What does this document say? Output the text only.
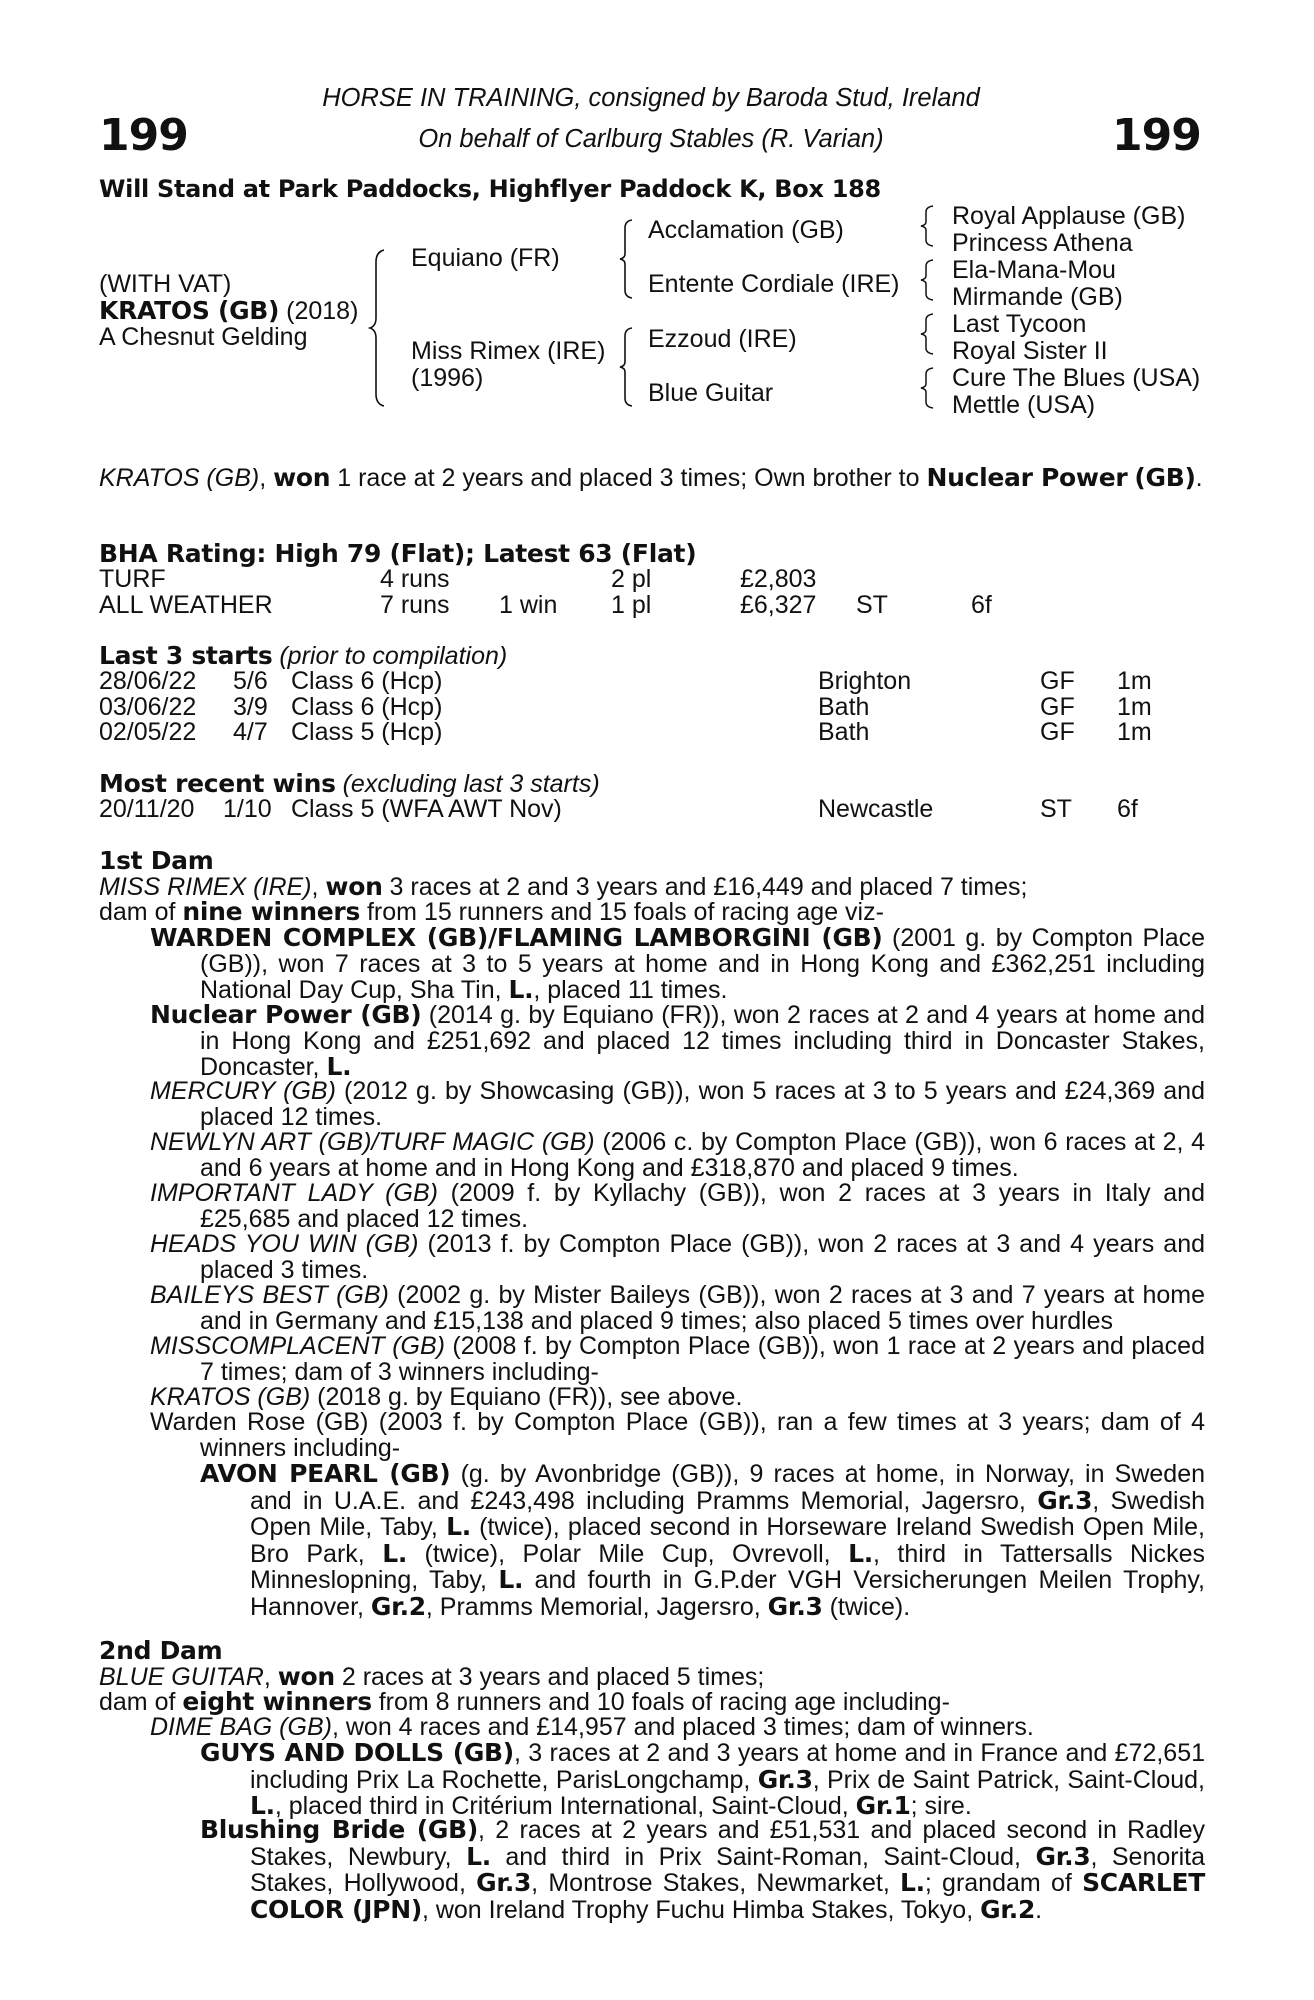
199	199
HORSE IN TRAINING, consigned by Baroda Stud, Ireland
On behalf of Carlburg Stables (R. Varian)
Will Stand at Park Paddocks, Highflyer Paddock K, Box 188
(WITH VAT)
KRATOS (GB) (2018)
A Chesnut Gelding
Equiano (FR)
Miss Rimex (IRE)
(1996)
Acclamation (GB)
Entente Cordiale (IRE)
Ezzoud (IRE)
Blue Guitar
Royal Applause (GB)
Princess Athena
Ela-Mana-Mou
Mirmande (GB)
Last Tycoon
Royal Sister II
Cure The Blues (USA)
Mettle (USA)
KRATOS (GB), won 1 race at 2 years and placed 3 times; Own brother to Nuclear Power (GB).
BHA Rating: High 79 (Flat); Latest 63 (Flat)
TURF	4 runs	2 pl	£2,803
ALL WEATHER	7 runs 1 win 1 pl	£6,327 ST	6f
Last 3 starts (prior to compilation)
28/06/22 5/6 Class 6 (Hcp)	Brighton	GF 1m
03/06/22 3/9 Class 6 (Hcp)	Bath	GF 1m
02/05/22 4/7 Class 5 (Hcp)	Bath	GF 1m
Most recent wins (excluding last 3 starts)
20/11/20 1/10 Class 5 (WFA AWT Nov)	Newcastle	ST 6f
1st Dam
MISS RIMEX (IRE), won 3 races at 2 and 3 years and £16,449 and placed 7 times;
dam of nine winners from 15 runners and 15 foals of racing age viz-
WARDEN COMPLEX (GB)/FLAMING LAMBORGINI (GB) (2001 g. by Compton Place (GB)), won 7 races at 3 to 5 years at home and in Hong Kong and £362,251 including National Day Cup, Sha Tin, L., placed 11 times.
Nuclear Power (GB) (2014 g. by Equiano (FR)), won 2 races at 2 and 4 years at home and in Hong Kong and £251,692 and placed 12 times including third in Doncaster Stakes, Doncaster, L.
MERCURY (GB) (2012 g. by Showcasing (GB)), won 5 races at 3 to 5 years and £24,369 and placed 12 times.
NEWLYN ART (GB)/TURF MAGIC (GB) (2006 c. by Compton Place (GB)), won 6 races at 2, 4 and 6 years at home and in Hong Kong and £318,870 and placed 9 times.
IMPORTANT LADY (GB) (2009 f. by Kyllachy (GB)), won 2 races at 3 years in Italy and £25,685 and placed 12 times.
HEADS YOU WIN (GB) (2013 f. by Compton Place (GB)), won 2 races at 3 and 4 years and placed 3 times.
BAILEYS BEST (GB) (2002 g. by Mister Baileys (GB)), won 2 races at 3 and 7 years at home and in Germany and £15,138 and placed 9 times; also placed 5 times over hurdles
MISSCOMPLACENT (GB) (2008 f. by Compton Place (GB)), won 1 race at 2 years and placed 7 times; dam of 3 winners including-
KRATOS (GB) (2018 g. by Equiano (FR)), see above.
Warden Rose (GB) (2003 f. by Compton Place (GB)), ran a few times at 3 years; dam of 4 winners including-
AVON PEARL (GB) (g. by Avonbridge (GB)), 9 races at home, in Norway, in Sweden and in U.A.E. and £243,498 including Pramms Memorial, Jagersro, Gr.3, Swedish Open Mile, Taby, L. (twice), placed second in Horseware Ireland Swedish Open Mile, Bro Park, L. (twice), Polar Mile Cup, Ovrevoll, L., third in Tattersalls Nickes Minneslopning, Taby, L. and fourth in G.P.der VGH Versicherungen Meilen Trophy, Hannover, Gr.2, Pramms Memorial, Jagersro, Gr.3 (twice).
2nd Dam
BLUE GUITAR, won 2 races at 3 years and placed 5 times;
dam of eight winners from 8 runners and 10 foals of racing age including-
DIME BAG (GB), won 4 races and £14,957 and placed 3 times; dam of winners.
GUYS AND DOLLS (GB), 3 races at 2 and 3 years at home and in France and £72,651 including Prix La Rochette, ParisLongchamp, Gr.3, Prix de Saint Patrick, Saint-Cloud, L., placed third in Critérium International, Saint-Cloud, Gr.1; sire.
Blushing Bride (GB), 2 races at 2 years and £51,531 and placed second in Radley Stakes, Newbury, L. and third in Prix Saint-Roman, Saint-Cloud, Gr.3, Senorita Stakes, Hollywood, Gr.3, Montrose Stakes, Newmarket, L.; grandam of SCARLET COLOR (JPN), won Ireland Trophy Fuchu Himba Stakes, Tokyo, Gr.2.
